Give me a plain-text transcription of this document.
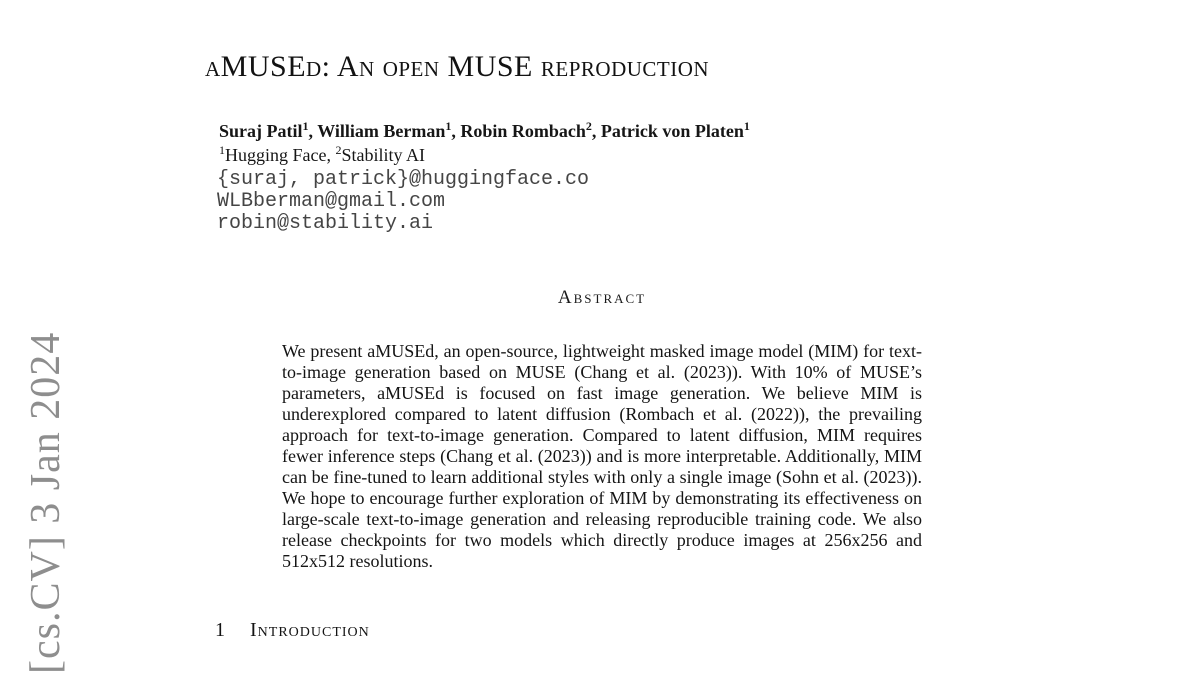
[cs.CV] 3 Jan 2024
aMUSEd: An open MUSE reproduction
Suraj Patil$^1$, William Berman$^1$, Robin Rombach$^2$, Patrick von Platen$^1$
$^1$Hugging Face, $^2$Stability AI
{suraj, patrick}@huggingface.co
WLBberman@gmail.com
robin@stability.ai
Abstract
We present aMUSEd, an open-source, lightweight masked image model (MIM) for text-to-image generation based on MUSE (Chang et al. (2023)). With 10% of MUSE’s parameters, aMUSEd is focused on fast image generation. We believe MIM is underexplored compared to latent diffusion (Rombach et al. (2022)), the prevailing approach for text-to-image generation. Compared to latent diffusion, MIM requires fewer inference steps (Chang et al. (2023)) and is more interpretable. Additionally, MIM can be fine-tuned to learn additional styles with only a single image (Sohn et al. (2023)). We hope to encourage further exploration of MIM by demonstrating its effectiveness on large-scale text-to-image generation and releasing reproducible training code. We also release checkpoints for two models which directly produce images at 256x256 and 512x512 resolutions.
1 Introduction
